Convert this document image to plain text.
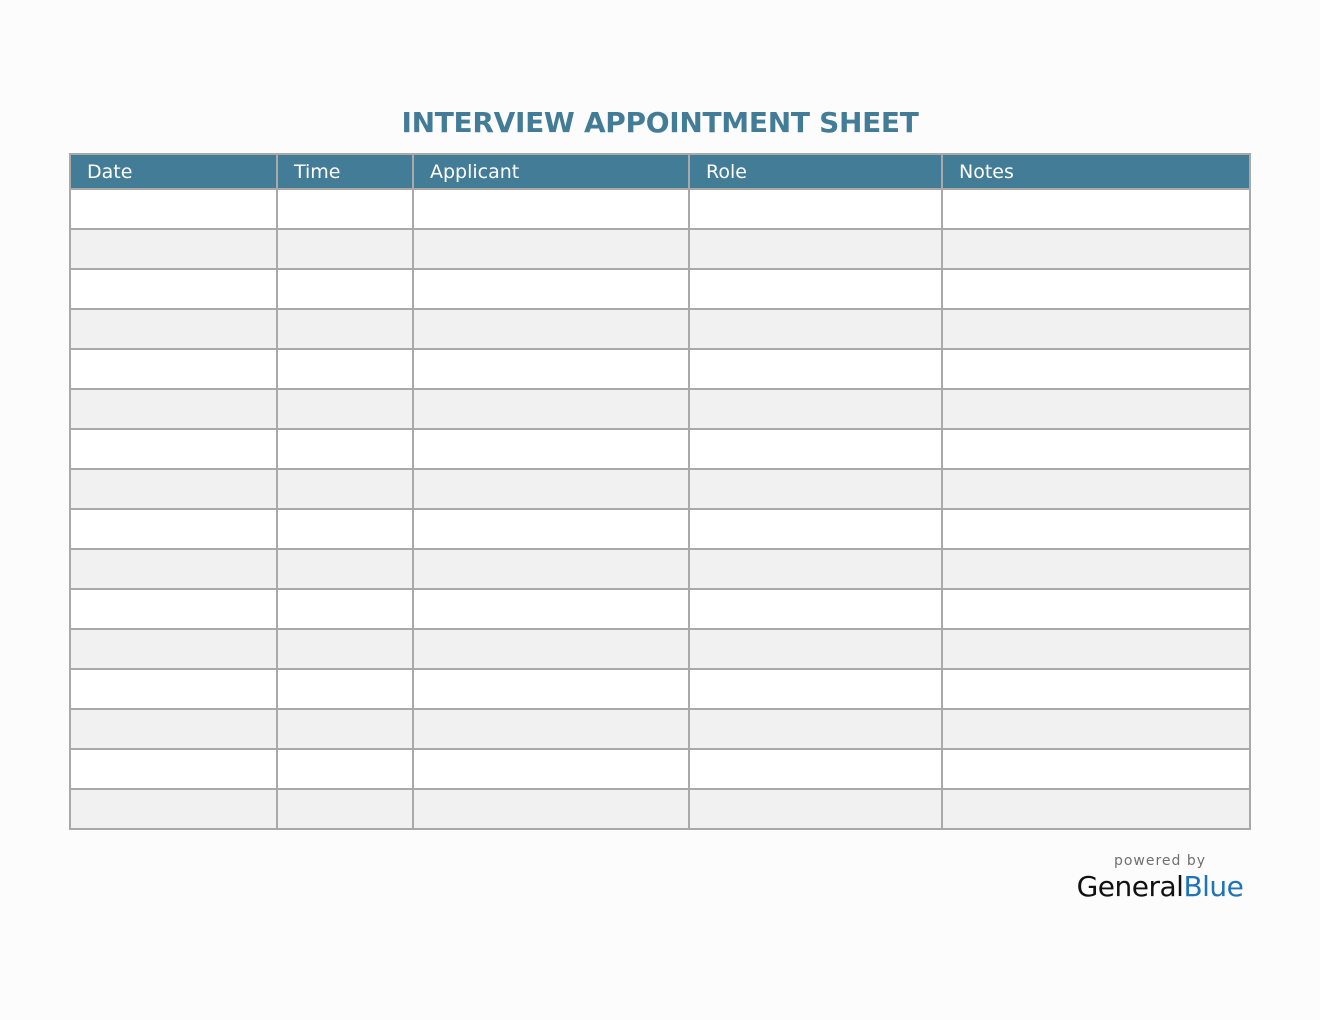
INTERVIEW APPOINTMENT SHEET
Date	Time	Applicant	Role	Notes

powered by
GeneralBlue
